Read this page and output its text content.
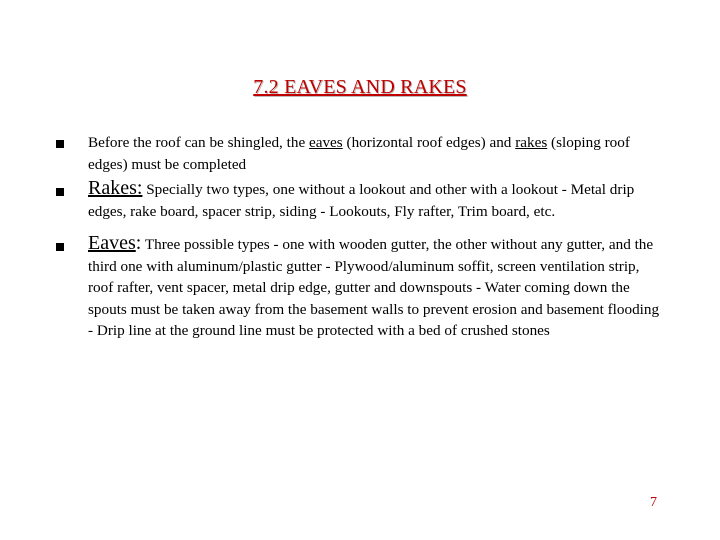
7.2 EAVES AND RAKES
Before the roof can be shingled, the eaves (horizontal roof edges) and rakes (sloping roof edges) must be completed
Rakes: Specially two types, one without a lookout and other with a lookout - Metal drip edges, rake board, spacer strip, siding - Lookouts, Fly rafter, Trim board, etc.
Eaves: Three possible types - one with wooden gutter, the other without any gutter, and the third one with aluminum/plastic gutter - Plywood/aluminum soffit, screen ventilation strip, roof rafter, vent spacer, metal drip edge, gutter and downspouts - Water coming down the spouts must be taken away from the basement walls to prevent erosion and basement flooding - Drip line at the ground line must be protected with a bed of crushed stones
7
